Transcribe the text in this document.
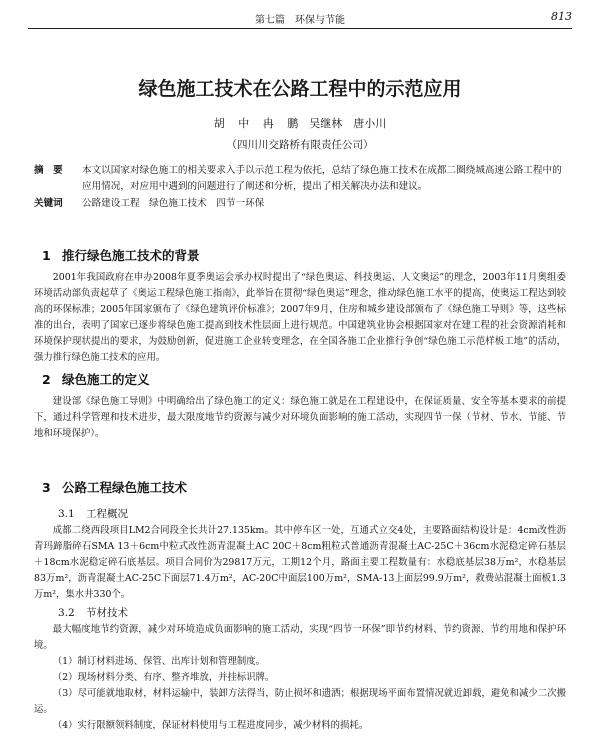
第七篇　环保与节能	813
绿色施工技术在公路工程中的示范应用
胡 中 冉 鹏　吴继林　唐小川
（四川川交路桥有限责任公司）
摘　要 本文以国家对绿色施工的相关要求入手以示范工程为依托，总结了绿色施工技术在成都二圈绕城高速公路工程中的应用情况，对应用中遇到的问题进行了阐述和分析，提出了相关解决办法和建议。
关键词 公路建设工程　绿色施工技术　四节一环保
1 推行绿色施工技术的背景

2001年我国政府在申办2008年夏季奥运会承办权时提出了“绿色奥运、科技奥运、人文奥运”的理念，2003年11月奥组委环境活动部负责起草了《奥运工程绿色施工指南》，此举旨在贯彻“绿色奥运”理念，推动绿色施工水平的提高，使奥运工程达到较高的环保标准；2005年国家颁布了《绿色建筑评价标准》；2007年9月，住房和城乡建设部颁布了《绿色施工导则》等，这些标准的出台，表明了国家已逐步将绿色施工提高到技术性层面上进行规范。中国建筑业协会根据国家对在建工程的社会资源消耗和环境保护现状提出的要求，为鼓励创新，促进施工企业转变理念，在全国各施工企业推行争创“绿色施工示范样板工地”的活动，强力推行绿色施工技术的应用。

2 绿色施工的定义

建设部《绿色施工导则》中明确给出了绿色施工的定义：绿色施工就是在工程建设中，在保证质量、安全等基本要求的前提下，通过科学管理和技术进步，最大限度地节约资源与减少对环境负面影响的施工活动，实现四节一保（节材、节水、节能、节地和环境保护）。

3 公路工程绿色施工技术
3.1 工程概况

成都二绕西段项目LM2合同段全长共计27.135km。其中停车区一处，互通式立交4处，主要路面结构设计是：4cm改性沥青玛蹄脂碎石SMA 13＋6cm中粒式改性沥青混凝土AC 20C＋8cm粗粒式普通沥青混凝土AC-25C＋36cm水泥稳定碎石基层＋18cm水泥稳定碎石底基层。项目合同价为29817万元，工期12个月，路面主要工程数量有：水稳底基层38万m²，水稳基层83万m²，沥青混凝土AC-25C下面层71.4万m²，AC-20C中面层100万m²，SMA-13上面层99.9万m²，救费站混凝土面板1.3万m²，集水井330个。

3.2 节材技术

最大幅度地节约资源，减少对环境造成负面影响的施工活动，实现“四节一环保”即节约材料、节约资源、节约用地和保护环境。

（1）制订材料进场、保管、出库计划和管理制度。

（2）现场材料分类、有序、整齐堆放，并挂标识牌。

（3）尽可能就地取材，材料运输中，装卸方法得当，防止损坏和遗洒；根据现场平面布置情况就近卸载，避免和减少二次搬运。

（4）实行限额领料制度，保证材料使用与工程进度同步，减少材料的损耗。
